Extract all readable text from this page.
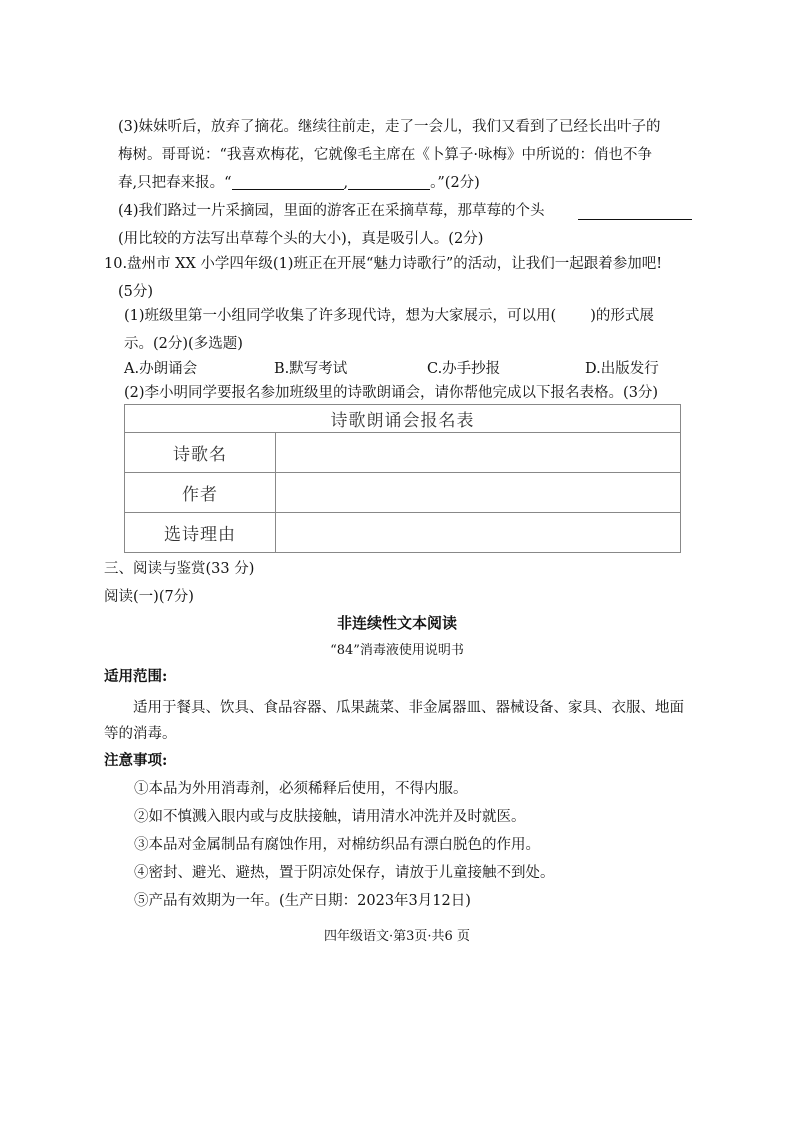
(3)妹妹听后，放弃了摘花。继续往前走，走了一会儿，我们又看到了已经长出叶子的
梅树。哥哥说：“我喜欢梅花，它就像毛主席在《卜算子·咏梅》中所说的：俏也不争
春,只把春来报。“	,	。”(2分)
(4)我们路过一片采摘园，里面的游客正在采摘草莓，那草莓的个头
(用比较的方法写出草莓个头的大小)，真是吸引人。(2分)
10.盘州市 XX 小学四年级(1)班正在开展“魅力诗歌行”的活动，让我们一起跟着参加吧!
(5分)
(1)班级里第一小组同学收集了许多现代诗，想为大家展示，可以用( )的形式展
示。(2分)(多选题)
A.办朗诵会	B.默写考试	C.办手抄报	D.出版发行
(2)李小明同学要报名参加班级里的诗歌朗诵会，请你帮他完成以下报名表格。(3分)
诗歌朗诵会报名表	
诗歌名	
作者	
选诗理由	
三、阅读与鉴赏(33 分)
阅读(一)(7分)
非连续性文本阅读
“84”消毒液使用说明书
适用范围:
适用于餐具、饮具、食品容器、瓜果蔬菜、非金属器皿、器械设备、家具、衣服、地面
等的消毒。
注意事项:
①本品为外用消毒剂，必须稀释后使用，不得内服。
②如不慎溅入眼内或与皮肤接触，请用清水冲洗并及时就医。
③本品对金属制品有腐蚀作用，对棉纺织品有漂白脱色的作用。
④密封、避光、避热，置于阴凉处保存，请放于儿童接触不到处。
⑤产品有效期为一年。(生产日期：2023年3月12日)
四年级语文·第3页·共6 页
